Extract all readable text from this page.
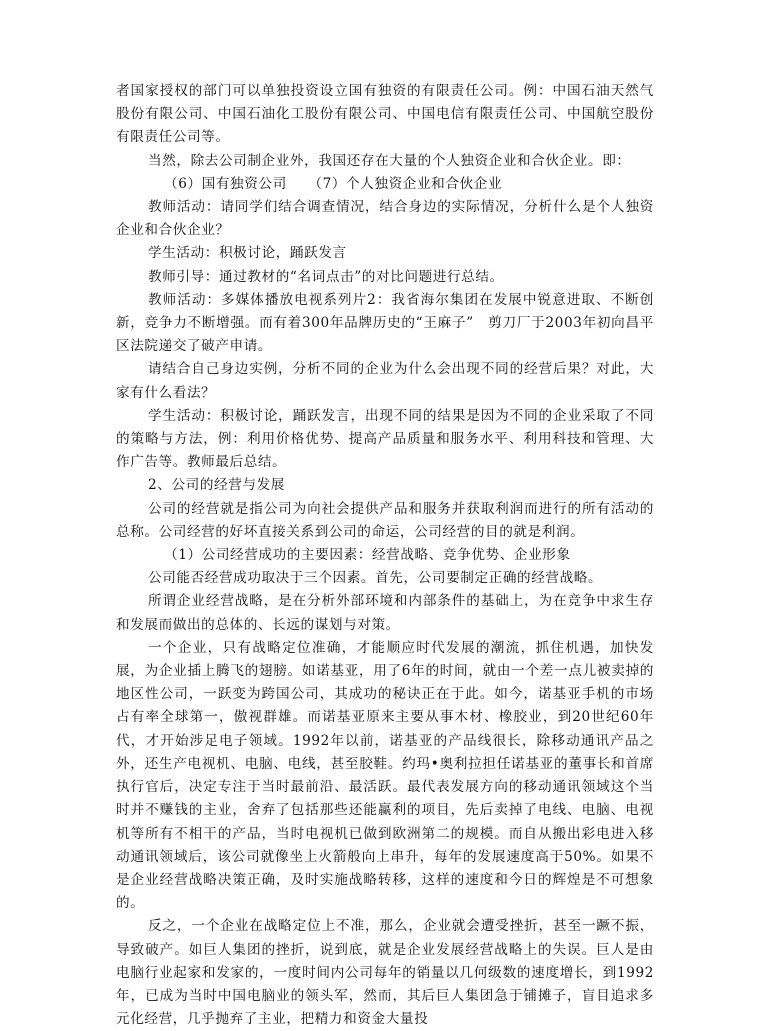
者国家授权的部门可以单独投资设立国有独资的有限责任公司。例：中国石油天然气股份有限公司、中国石油化工股份有限公司、中国电信有限责任公司、中国航空股份有限责任公司等。

当然，除去公司制企业外，我国还存在大量的个人独资企业和合伙企业。即：

（6）国有独资公司　　（7）个人独资企业和合伙企业

教师活动：请同学们结合调查情况，结合身边的实际情况，分析什么是个人独资企业和合伙企业？

学生活动：积极讨论，踊跃发言

教师引导：通过教材的“名词点击”的对比问题进行总结。

教师活动：多媒体播放电视系列片2：我省海尔集团在发展中锐意进取、不断创新，竞争力不断增强。而有着300年品牌历史的“王麻子”　剪刀厂于2003年初向昌平区法院递交了破产申请。

请结合自己身边实例，分析不同的企业为什么会出现不同的经营后果？对此，大家有什么看法？

学生活动：积极讨论，踊跃发言，出现不同的结果是因为不同的企业采取了不同的策略与方法，例：利用价格优势、提高产品质量和服务水平、利用科技和管理、大作广告等。教师最后总结。

2、公司的经营与发展

公司的经营就是指公司为向社会提供产品和服务并获取利润而进行的所有活动的总称。公司经营的好坏直接关系到公司的命运，公司经营的目的就是利润。

（1）公司经营成功的主要因素：经营战略、竞争优势、企业形象

公司能否经营成功取决于三个因素。首先，公司要制定正确的经营战略。

所谓企业经营战略，是在分析外部环境和内部条件的基础上，为在竞争中求生存和发展而做出的总体的、长远的谋划与对策。

一个企业，只有战略定位准确，才能顺应时代发展的潮流，抓住机遇，加快发展，为企业插上腾飞的翅膀。如诺基亚，用了6年的时间，就由一个差一点儿被卖掉的地区性公司，一跃变为跨国公司，其成功的秘诀正在于此。如今，诺基亚手机的市场占有率全球第一，傲视群雄。而诺基亚原来主要从事木材、橡胶业，到20世纪60年代，才开始涉足电子领域。1992年以前，诺基亚的产品线很长，除移动通讯产品之外，还生产电视机、电脑、电线，甚至胶鞋。约玛•奥利拉担任诺基亚的董事长和首席执行官后，决定专注于当时最前沿、最活跃。最代表发展方向的移动通讯领域这个当时并不赚钱的主业，舍弃了包括那些还能赢利的项目，先后卖掉了电线、电脑、电视机等所有不相干的产品，当时电视机已做到欧洲第二的规模。而自从搬出彩电进入移动通讯领域后，该公司就像坐上火箭般向上串升，每年的发展速度高于50%。如果不是企业经营战略决策正确，及时实施战略转移，这样的速度和今日的辉煌是不可想象的。

反之，一个企业在战略定位上不准，那么，企业就会遭受挫折，甚至一蹶不振，导致破产。如巨人集团的挫折，说到底，就是企业发展经营战略上的失误。巨人是由电脑行业起家和发家的，一度时间内公司每年的销量以几何级数的速度增长，到1992年，已成为当时中国电脑业的领头军，然而，其后巨人集团急于铺摊子，盲目追求多元化经营，几乎抛弃了主业，把精力和资金大量投
